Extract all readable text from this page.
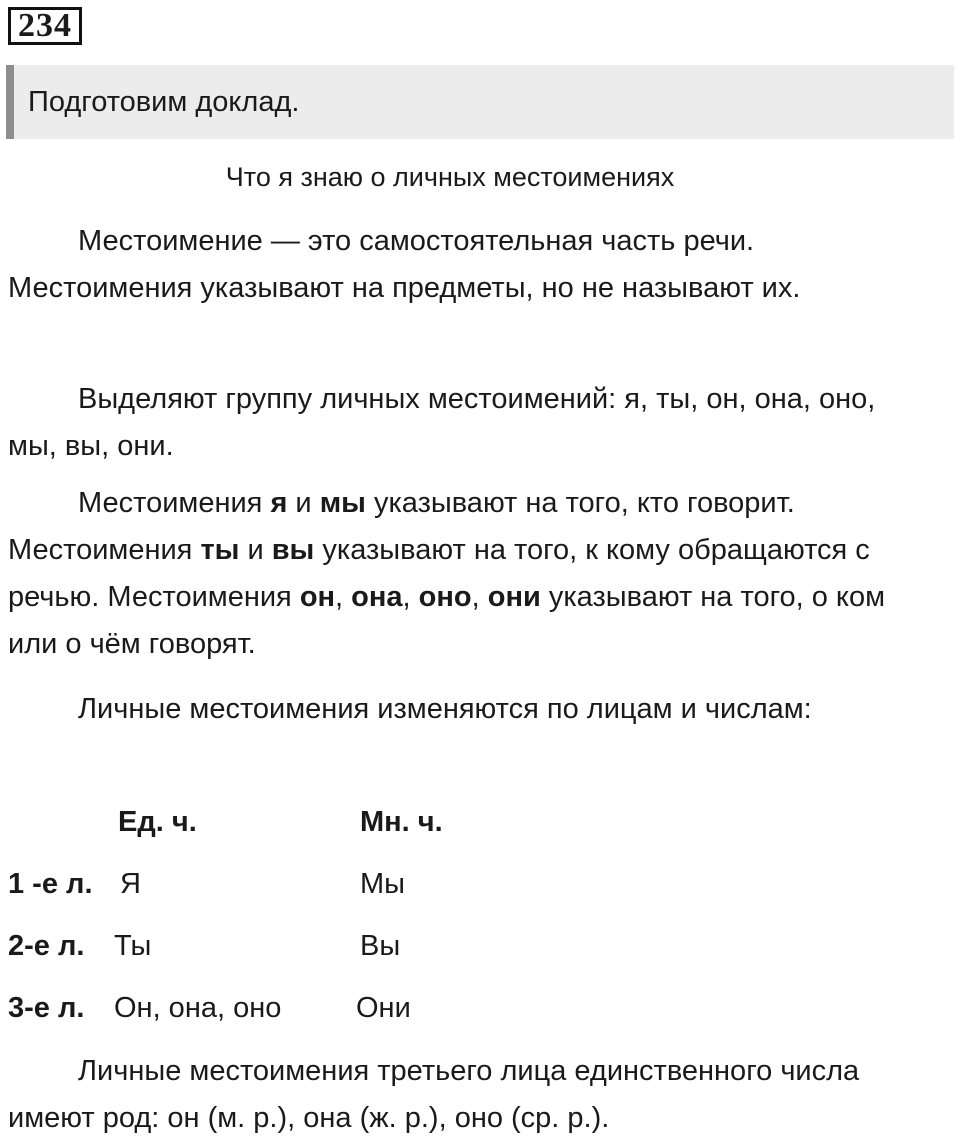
234
Подготовим доклад.
Что я знаю о личных местоимениях

Местоимение — это самостоятельная часть речи. Местоимения указывают на предметы, но не называют их.

Выделяют группу личных местоимений: я, ты, он, она, оно, мы, вы, они.

Местоимения я и мы указывают на того, кто говорит. Местоимения ты и вы указывают на того, к кому обращаются с речью. Местоимения он, она, оно, они указывают на того, о ком или о чём говорят.

Личные местоимения изменяются по лицам и числам:

Ед. ч.	Мн. ч.
1 -е л. Я	Мы
2-е л. Ты	Вы
3-е л. Он, она, оно	Они

Личные местоимения третьего лица единственного числа имеют род: он (м. р.), она (ж. р.), оно (ср. р.).
